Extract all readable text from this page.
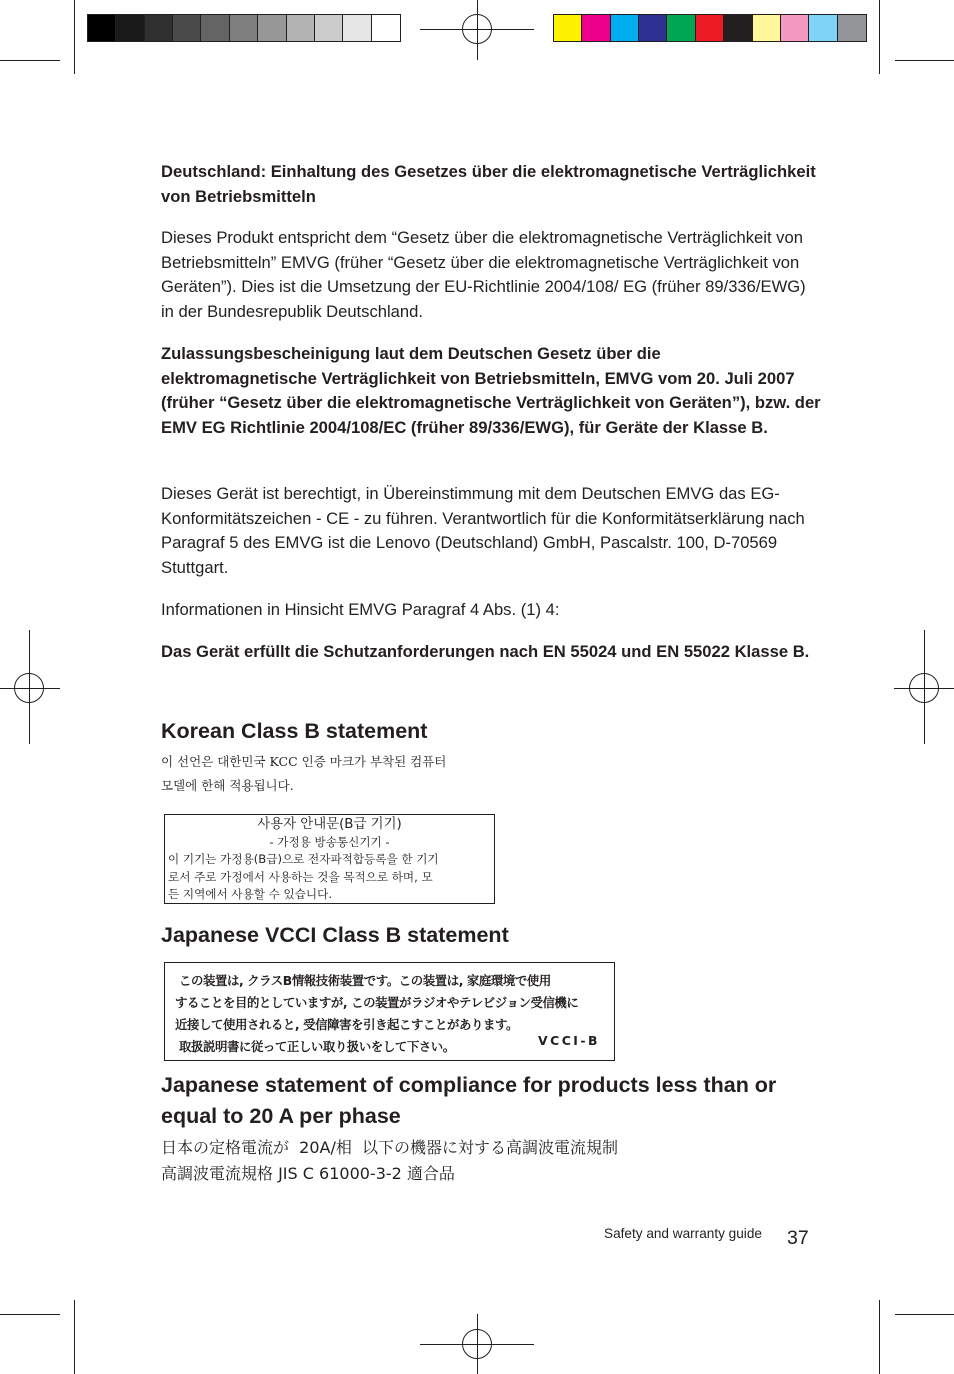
Deutschland: Einhaltung des Gesetzes über die elektromagnetische Verträglichkeit von Betriebsmitteln

Dieses Produkt entspricht dem “Gesetz über die elektromagnetische Verträglichkeit von Betriebsmitteln” EMVG (früher “Gesetz über die elektromagnetische Verträglichkeit von Geräten”). Dies ist die Umsetzung der EU-Richtlinie 2004/108/ EG (früher 89/336/EWG) in der Bundesrepublik Deutschland.

Zulassungsbescheinigung laut dem Deutschen Gesetz über die elektromagnetische Verträglichkeit von Betriebsmitteln, EMVG vom 20. Juli 2007 (früher “Gesetz über die elektromagnetische Verträglichkeit von Geräten”), bzw. der EMV EG Richtlinie 2004/108/EC (früher 89/336/EWG), für Geräte der Klasse B.

Dieses Gerät ist berechtigt, in Übereinstimmung mit dem Deutschen EMVG das EG-Konformitätszeichen - CE - zu führen. Verantwortlich für die Konformitätserklärung nach Paragraf 5 des EMVG ist die Lenovo (Deutschland) GmbH, Pascalstr. 100, D-70569 Stuttgart.

Informationen in Hinsicht EMVG Paragraf 4 Abs. (1) 4:

Das Gerät erfüllt die Schutzanforderungen nach EN 55024 und EN 55022 Klasse B.

Korean Class B statement
이 선언은 대한민국 KCC 인증 마크가 부착된 컴퓨터
모델에 한해 적용됩니다.
사용자 안내문(B급 기기)
- 가정용 방송통신기기 -
이 기기는 가정용(B급)으로 전자파적합등록을 한 기기
로서 주로 가정에서 사용하는 것을 목적으로 하며, 모
든 지역에서 사용할 수 있습니다.
Japanese VCCI Class B statement
この装置は, クラスB情報技術装置です。この装置は, 家庭環境で使用
することを目的としていますが, この装置がラジオやテレビジョン受信機に
近接して使用されると, 受信障害を引き起こすことがあります。
取扱説明書に従って正しい取り扱いをして下さい。	VCCI-B
Japanese statement of compliance for products less than or equal to 20 A per phase
日本の定格電流が  20A/相  以下の機器に対する高調波電流規制
高調波電流規格 JIS C 61000-3-2 適合品
Safety and warranty guide 37
